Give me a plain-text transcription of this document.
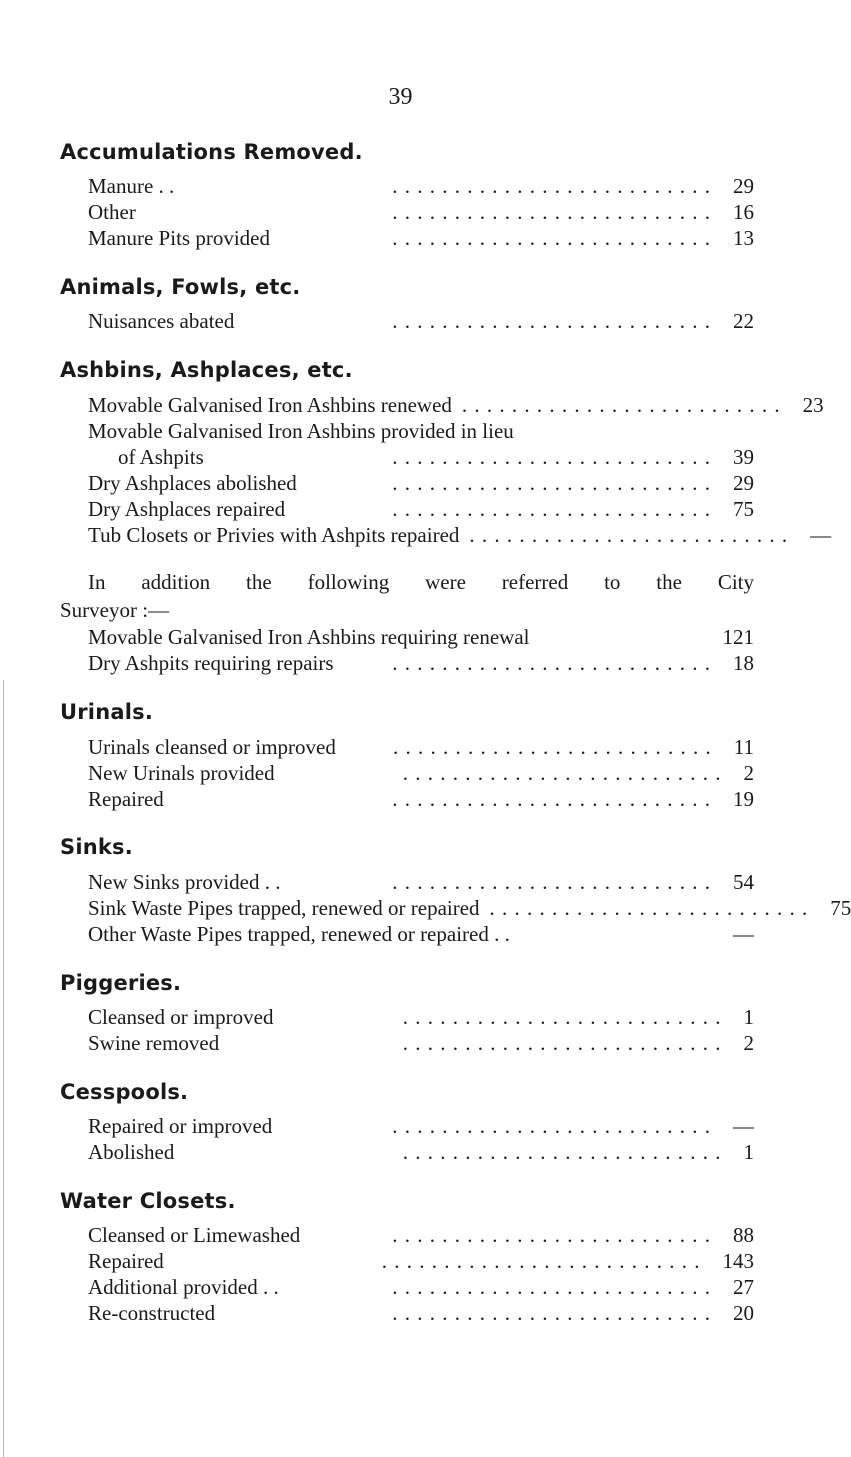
39
Accumulations Removed.
Manure . .	. . . . . . . . . . . . . . . . . . . . . . . . . .	29
Other	. . . . . . . . . . . . . . . . . . . . . . . . . .	16
Manure Pits provided	. . . . . . . . . . . . . . . . . . . . . . . . . .	13
Animals, Fowls, etc.
Nuisances abated	. . . . . . . . . . . . . . . . . . . . . . . . . .	22
Ashbins, Ashplaces, etc.
Movable Galvanised Iron Ashbins renewed . . . . . . . . . . . . . . . . . . . . . . . . . .	23
Movable Galvanised Iron Ashbins provided in lieu
of Ashpits	. . . . . . . . . . . . . . . . . . . . . . . . . .	39
Dry Ashplaces abolished	. . . . . . . . . . . . . . . . . . . . . . . . . .	29
Dry Ashplaces repaired	. . . . . . . . . . . . . . . . . . . . . . . . . .	75
Tub Closets or Privies with Ashpits repaired . . . . . . . . . . . . . . . . . . . . . . . . . .	—
In addition the following were referred to the City
Surveyor :—
Movable Galvanised Iron Ashbins requiring renewal	121
Dry Ashpits requiring repairs	. . . . . . . . . . . . . . . . . . . . . . . . . .	18
Urinals.
Urinals cleansed or improved	. . . . . . . . . . . . . . . . . . . . . . . . . .	11
New Urinals provided	. . . . . . . . . . . . . . . . . . . . . . . . . .	2
Repaired	. . . . . . . . . . . . . . . . . . . . . . . . . .	19
Sinks.
New Sinks provided . .	. . . . . . . . . . . . . . . . . . . . . . . . . .	54
Sink Waste Pipes trapped, renewed or repaired . . . . . . . . . . . . . . . . . . . . . . . . . .	75
Other Waste Pipes trapped, renewed or repaired . .	—
Piggeries.
Cleansed or improved	. . . . . . . . . . . . . . . . . . . . . . . . . .	1
Swine removed	. . . . . . . . . . . . . . . . . . . . . . . . . .	2
Cesspools.
Repaired or improved	. . . . . . . . . . . . . . . . . . . . . . . . . .	—
Abolished	. . . . . . . . . . . . . . . . . . . . . . . . . .	1
Water Closets.
Cleansed or Limewashed	. . . . . . . . . . . . . . . . . . . . . . . . . .	88
Repaired	. . . . . . . . . . . . . . . . . . . . . . . . . .	143
Additional provided . .	. . . . . . . . . . . . . . . . . . . . . . . . . .	27
Re-constructed	. . . . . . . . . . . . . . . . . . . . . . . . . .	20
